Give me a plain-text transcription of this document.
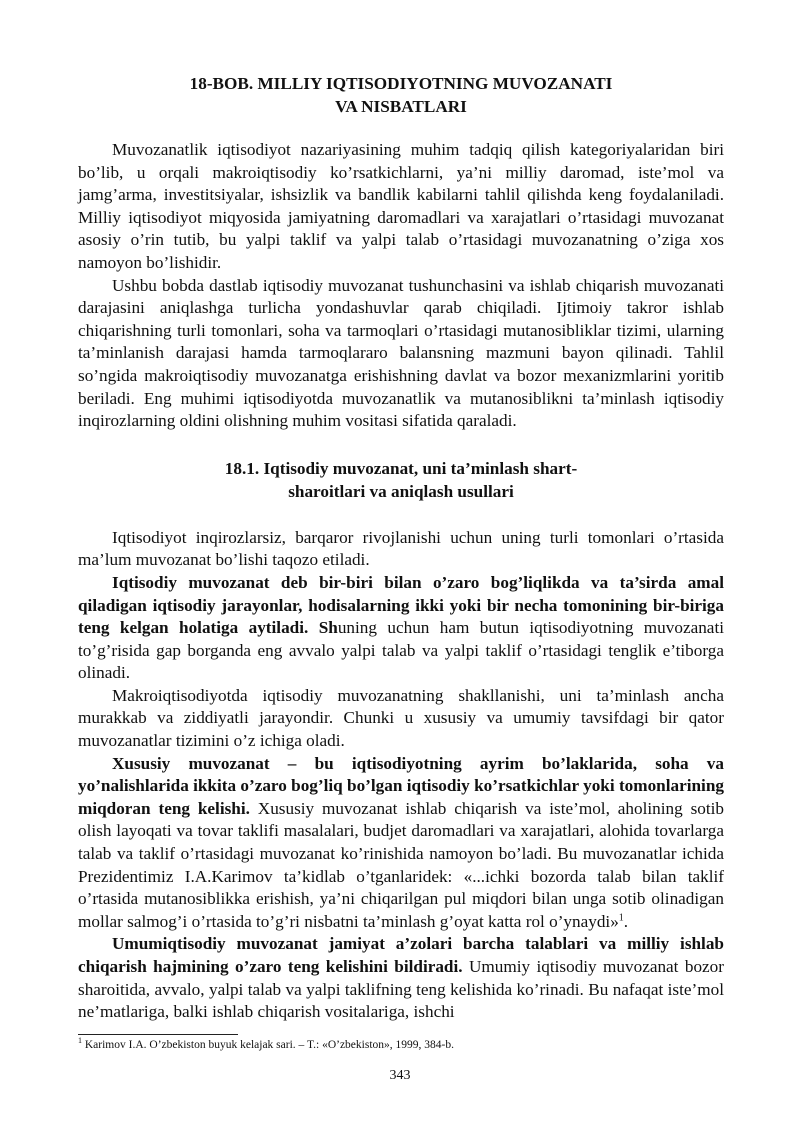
18-BOB. MILLIY IQTISODIYOTNING MUVOZANATI
VA NISBATLARI

Muvozanatlik iqtisodiyot nazariyasining muhim tadqiq qilish kategoriyalaridan biri bo’lib, u orqali makroiqtisodiy ko’rsatkichlarni, ya’ni milliy daromad, iste’mol va jamg’arma, investitsiyalar, ishsizlik va bandlik kabilarni tahlil qilishda keng foydalaniladi. Milliy iqtisodiyot miqyosida jamiyatning daromadlari va xarajatlari o’rtasidagi muvozanat asosiy o’rin tutib, bu yalpi taklif va yalpi talab o’rtasidagi muvozanatning o’ziga xos namoyon bo’lishidir.

Ushbu bobda dastlab iqtisodiy muvozanat tushunchasini va ishlab chiqarish muvozanati darajasini aniqlashga turlicha yondashuvlar qarab chiqiladi. Ijtimoiy takror ishlab chiqarishning turli tomonlari, soha va tarmoqlari o’rtasidagi mutanosibliklar tizimi, ularning ta’minlanish darajasi hamda tarmoqlararo balansning mazmuni bayon qilinadi. Tahlil so’ngida makroiqtisodiy muvozanatga erishishning davlat va bozor mexanizmlarini yoritib beriladi. Eng muhimi iqtisodiyotda muvozanatlik va mutanosiblikni ta’minlash iqtisodiy inqirozlarning oldini olishning muhim vositasi sifatida qaraladi.

18.1. Iqtisodiy muvozanat, uni ta’minlash shart-
sharoitlari va aniqlash usullari

Iqtisodiyot inqirozlarsiz, barqaror rivojlanishi uchun uning turli tomonlari o’rtasida ma’lum muvozanat bo’lishi taqozo etiladi.

Iqtisodiy muvozanat deb bir-biri bilan o’zaro bog’liqlikda va ta’sirda amal qiladigan iqtisodiy jarayonlar, hodisalarning ikki yoki bir necha tomonining bir-biriga teng kelgan holatiga aytiladi. Shuning uchun ham butun iqtisodiyotning muvozanati to’g’risida gap borganda eng avvalo yalpi talab va yalpi taklif o’rtasidagi tenglik e’tiborga olinadi.

Makroiqtisodiyotda iqtisodiy muvozanatning shakllanishi, uni ta’minlash ancha murakkab va ziddiyatli jarayondir. Chunki u xususiy va umumiy tavsifdagi bir qator muvozanatlar tizimini o’z ichiga oladi.

Xususiy muvozanat – bu iqtisodiyotning ayrim bo’laklarida, soha va yo’nalishlarida ikkita o’zaro bog’liq bo’lgan iqtisodiy ko’rsatkichlar yoki tomonlarining miqdoran teng kelishi. Xususiy muvozanat ishlab chiqarish va iste’mol, aholining sotib olish layoqati va tovar taklifi masalalari, budjet daromadlari va xarajatlari, alohida tovarlarga talab va taklif o’rtasidagi muvozanat ko’rinishida namoyon bo’ladi. Bu muvozanatlar ichida Prezidentimiz I.A.Karimov ta’kidlab o’tganlaridek: «...ichki bozorda talab bilan taklif o’rtasida mutanosiblikka erishish, ya’ni chiqarilgan pul miqdori bilan unga sotib olinadigan mollar salmog’i o’rtasida to’g’ri nisbatni ta’minlash g’oyat katta rol o’ynaydi»$^1$.

Umumiqtisodiy muvozanat jamiyat a’zolari barcha talablari va milliy ishlab chiqarish hajmining o’zaro teng kelishini bildiradi. Umumiy iqtisodiy muvozanat bozor sharoitida, avvalo, yalpi talab va yalpi taklifning teng kelishida ko’rinadi. Bu nafaqat iste’mol ne’matlariga, balki ishlab chiqarish vositalariga, ishchi

$^1$ Karimov I.A. O’zbekiston buyuk kelajak sari. – T.: «O’zbekiston», 1999, 384-b.
343
